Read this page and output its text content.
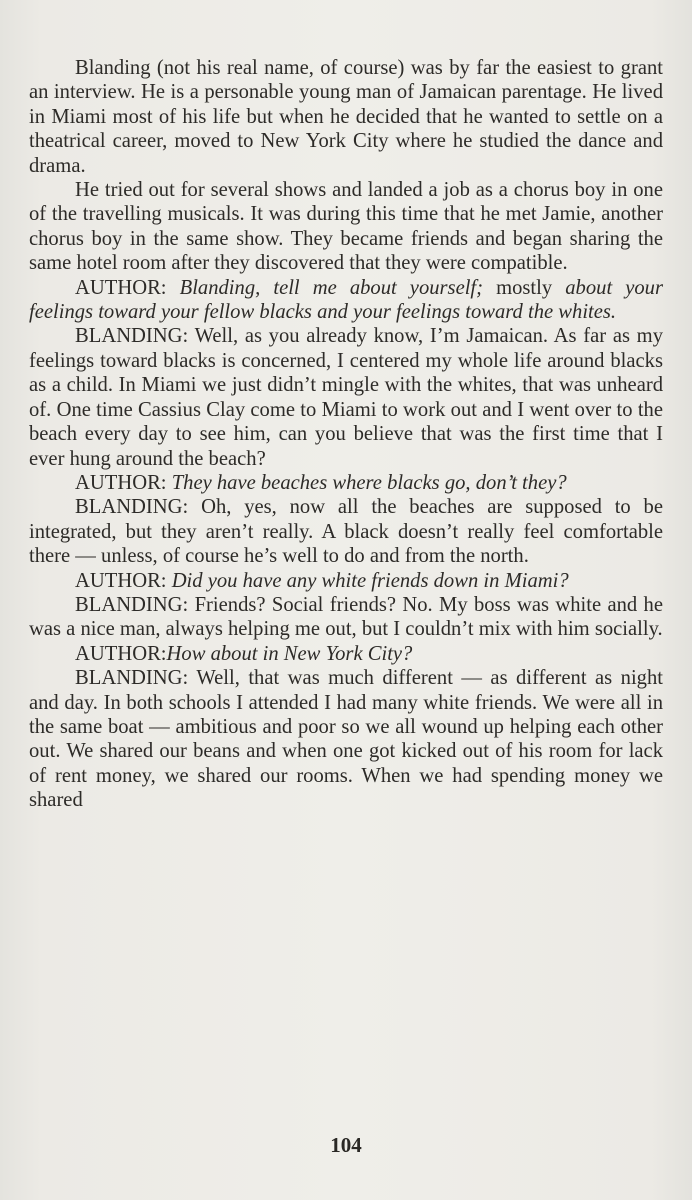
Blanding (not his real name, of course) was by far the easiest to grant an interview. He is a personable young man of Jamaican parentage. He lived in Miami most of his life but when he decided that he wanted to settle on a theatrical career, moved to New York City where he studied the dance and drama.

He tried out for several shows and landed a job as a chorus boy in one of the travelling musicals. It was during this time that he met Jamie, another chorus boy in the same show. They became friends and began sharing the same hotel room after they discovered that they were compatible.

AUTHOR: Blanding, tell me about yourself; mostly about your feelings toward your fellow blacks and your feelings toward the whites.

BLANDING: Well, as you already know, I’m Jamaican. As far as my feelings toward blacks is concerned, I centered my whole life around blacks as a child. In Miami we just didn’t mingle with the whites, that was unheard of. One time Cassius Clay come to Miami to work out and I went over to the beach every day to see him, can you believe that was the first time that I ever hung around the beach?

AUTHOR: They have beaches where blacks go, don’t they?

BLANDING: Oh, yes, now all the beaches are supposed to be integrated, but they aren’t really. A black doesn’t really feel comfortable there — unless, of course he’s well to do and from the north.

AUTHOR: Did you have any white friends down in Miami?

BLANDING: Friends? Social friends? No. My boss was white and he was a nice man, always helping me out, but I couldn’t mix with him socially.

AUTHOR:How about in New York City?

BLANDING: Well, that was much different — as different as night and day. In both schools I attended I had many white friends. We were all in the same boat — ambitious and poor so we all wound up helping each other out. We shared our beans and when one got kicked out of his room for lack of rent money, we shared our rooms. When we had spending money we shared

104
